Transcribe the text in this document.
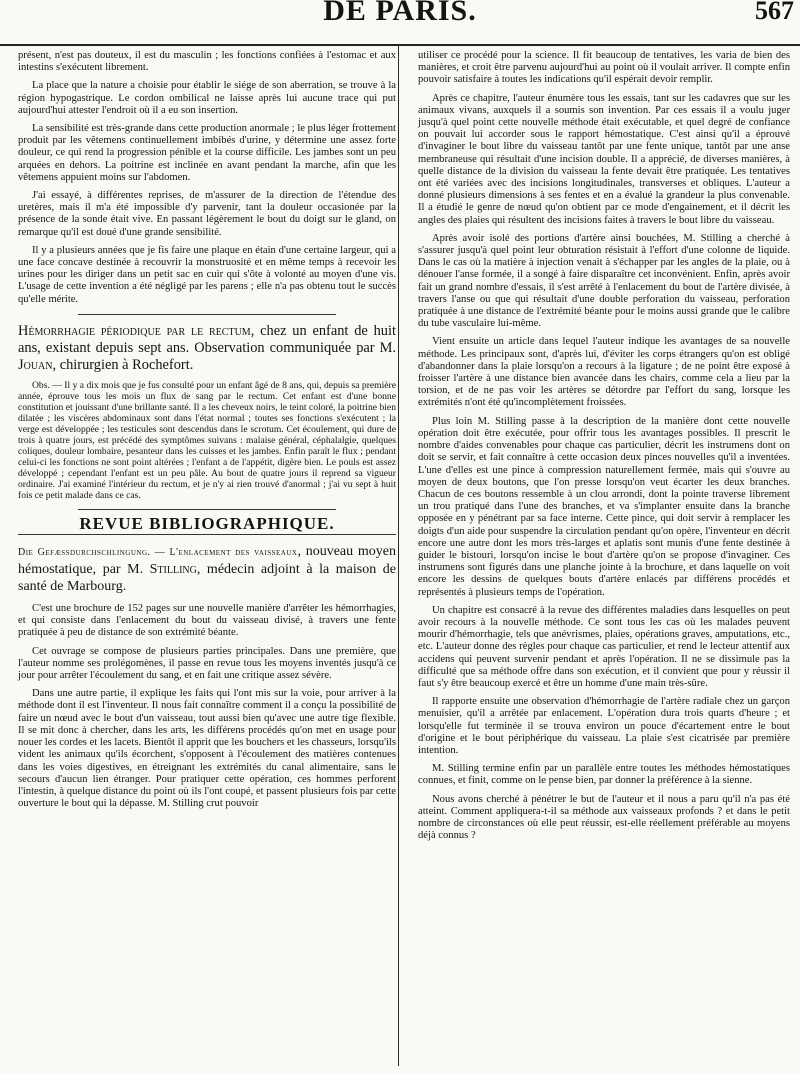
DE PARIS.	567

présent, n'est pas douteux, il est du masculin ; les fonctions confiées à l'estomac et aux intestins s'exécutent librement.

La place que la nature a choisie pour établir le siége de son aberration, se trouve à la région hypogastrique. Le cordon ombilical ne laisse après lui aucune trace qui put aujourd'hui attester l'endroit où il a eu son insertion.

La sensibilité est très-grande dans cette production anormale ; le plus léger frottement produit par les vêtemens continuellement imbibés d'urine, y détermine une assez forte douleur, ce qui rend la progression pénible et la course difficile. Les jambes sont un peu arquées en dehors. La poitrine est inclinée en avant pendant la marche, afin que les vêtemens appuient moins sur l'abdomen.

J'ai essayé, à différentes reprises, de m'assurer de la direction de l'étendue des uretères, mais il m'a été impossible d'y parvenir, tant la douleur occasionée par la présence de la sonde était vive. En passant légèrement le bout du doigt sur le gland, on remarque qu'il est doué d'une grande sensibilité.

Il y a plusieurs années que je fis faire une plaque en étain d'une certaine largeur, qui a une face concave destinée à recouvrir la monstruosité et en même temps à recevoir les urines pour les diriger dans un petit sac en cuir qui s'ôte à volonté au moyen d'une vis. L'usage de cette invention a été négligé par les parens ; elle n'a pas obtenu tout le succès qu'elle mérite.

Hémorrhagie périodique par le rectum, chez un enfant de huit ans, existant depuis sept ans. Observation communiquée par M. Jouan, chirurgien à Rochefort.

Obs. — Il y a dix mois que je fus consulté pour un enfant âgé de 8 ans, qui, depuis sa première année, éprouve tous les mois un flux de sang par le rectum. Cet enfant est d'une bonne constitution et jouissant d'une brillante santé. Il a les cheveux noirs, le teint coloré, la poitrine bien dilatée ; les viscères abdominaux sont dans l'état normal ; toutes ses fonctions s'exécutent ; la verge est développée ; les testicules sont descendus dans le scrotum. Cet écoulement, qui dure de trois à quatre jours, est précédé des symptômes suivans : malaise général, céphalalgie, quelques coliques, douleur lombaire, pesanteur dans les cuisses et les jambes. Enfin paraît le flux ; pendant celui-ci les fonctions ne sont point altérées ; l'enfant a de l'appétit, digère bien. Le pouls est assez développé ; cependant l'enfant est un peu pâle. Au bout de quatre jours il reprend sa vigueur ordinaire. J'ai examiné l'intérieur du rectum, et je n'y ai rien trouvé d'anormal ; j'ai vu sept à huit fois ce petit malade dans ce cas.

REVUE BIBLIOGRAPHIQUE.

Die Gefæssdurchschlingung. — L'enlacement des vaisseaux, nouveau moyen hémostatique, par M. Stilling, médecin adjoint à la maison de santé de Marbourg.

C'est une brochure de 152 pages sur une nouvelle manière d'arrêter les hémorrhagies, et qui consiste dans l'enlacement du bout du vaisseau divisé, à travers une fente pratiquée à peu de distance de son extrémité béante.

Cet ouvrage se compose de plusieurs parties principales. Dans une première, que l'auteur nomme ses prolégomènes, il passe en revue tous les moyens inventés jusqu'à ce jour pour arrêter l'écoulement du sang, et en fait une critique assez sévère.

Dans une autre partie, il explique les faits qui l'ont mis sur la voie, pour arriver à la méthode dont il est l'inventeur. Il nous fait connaître comment il a conçu la possibilité de faire un nœud avec le bout d'un vaisseau, tout aussi bien qu'avec une autre tige flexible. Il se mit donc à chercher, dans les arts, les différens procédés qu'on met en usage pour nouer les cordes et les lacets. Bientôt il apprit que les bouchers et les chasseurs, lorsqu'ils vident les animaux qu'ils écorchent, s'opposent à l'écoulement des matières contenues dans les voies digestives, en étreignant les extrémités du canal alimentaire, sans le secours d'aucun lien étranger. Pour pratiquer cette opération, ces hommes perforent l'intestin, à quelque distance du point où ils l'ont coupé, et passent plusieurs fois par cette ouverture le bout qui la dépasse. M. Stilling crut pouvoir

utiliser ce procédé pour la science. Il fit beaucoup de tentatives, les varia de bien des manières, et croit être parvenu aujourd'hui au point où il voulait arriver. Il compte enfin pouvoir satisfaire à toutes les indications qu'il espérait devoir remplir.

Après ce chapitre, l'auteur énumère tous les essais, tant sur les cadavres que sur les animaux vivans, auxquels il a soumis son invention. Par ces essais il a voulu juger jusqu'à quel point cette nouvelle méthode était exécutable, et quel degré de confiance on pouvait lui accorder sous le rapport hémostatique. C'est ainsi qu'il a éprouvé d'invaginer le bout libre du vaisseau tantôt par une fente unique, tantôt par une anse membraneuse qui résultait d'une incision double. Il a apprécié, de diverses manières, à quelle distance de la division du vaisseau la fente devait être pratiquée. Les tentatives ont été variées avec des incisions longitudinales, transverses et obliques. L'auteur a donné plusieurs dimensions à ses fentes et en a évalué la grandeur la plus convenable. Il a étudié le genre de nœud qu'on obtient par ce mode d'engainement, et il décrit les angles des plaies qui résultent des incisions faites à travers le bout libre du vaisseau.

Après avoir isolé des portions d'artère ainsi bouchées, M. Stilling a cherché à s'assurer jusqu'à quel point leur obturation résistait à l'effort d'une colonne de liquide. Dans le cas où la matière à injection venait à s'échapper par les angles de la plaie, ou à dénouer l'anse formée, il a songé à faire disparaître cet inconvénient. Enfin, après avoir fait un grand nombre d'essais, il s'est arrêté à l'enlacement du bout de l'artère divisée, à travers l'anse ou que qui résultait d'une double perforation du vaisseau, perforation pratiquée à une distance de l'extrémité béante pour le moins aussi grande que le calibre du tube vasculaire lui-même.

Vient ensuite un article dans lequel l'auteur indique les avantages de sa nouvelle méthode. Les principaux sont, d'après lui, d'éviter les corps étrangers qu'on est obligé d'abandonner dans la plaie lorsqu'on a recours à la ligature ; de ne point être exposé à froisser l'artère à une distance bien avancée dans les chairs, comme cela a lieu par la torsion, et de ne pas voir les artères se détordre par l'effort du sang, lorsque les extrémités n'ont été qu'incomplètement froissées.

Plus loin M. Stilling passe à la description de la manière dont cette nouvelle opération doit être exécutée, pour offrir tous les avantages possibles. Il prescrit le nombre d'aides convenables pour chaque cas particulier, décrit les instrumens dont on doit se servir, et fait connaître à cette occasion deux pinces nouvelles qu'il a inventées. L'une d'elles est une pince à compression naturellement fermée, mais qui s'ouvre au moyen de deux boutons, que l'on presse lorsqu'on veut écarter les deux branches. Chacun de ces boutons ressemble à un clou arrondi, dont la pointe traverse librement un trou pratiqué dans l'une des branches, et va s'implanter ensuite dans la branche opposée en y pénétrant par sa face interne. Cette pince, qui doit servir à remplacer les doigts d'un aide pour suspendre la circulation pendant qu'on opère, l'inventeur en décrit encore une autre dont les mors très-larges et aplatis sont munis d'une fente destinée à guider le bistouri, lorsqu'on incise le bout d'artère qu'on se propose d'invaginer. Ces instrumens sont figurés dans une planche jointe à la brochure, et dans laquelle on voit encore les dessins de quelques bouts d'artère enlacés par différens procédés et représentés à plusieurs temps de l'opération.

Un chapitre est consacré à la revue des différentes maladies dans lesquelles on peut avoir recours à la nouvelle méthode. Ce sont tous les cas où les malades peuvent mourir d'hémorrhagie, tels que anévrismes, plaies, opérations graves, amputations, etc., etc. L'auteur donne des règles pour chaque cas particulier, et rend le lecteur attentif aux accidens qui peuvent survenir pendant et après l'opération. Il ne se dissimule pas la difficulté que sa méthode offre dans son exécution, et il convient que pour y réussir il faut s'y être beaucoup exercé et être un homme d'une main très-sûre.

Il rapporte ensuite une observation d'hémorrhagie de l'artère radiale chez un garçon menuisier, qu'il a arrêtée par enlacement. L'opération dura trois quarts d'heure ; et lorsqu'elle fut terminée il se trouva environ un pouce d'écartement entre le bout d'origine et le bout périphérique du vaisseau. La plaie s'est cicatrisée par première intention.

M. Stilling termine enfin par un parallèle entre toutes les méthodes hémostatiques connues, et finit, comme on le pense bien, par donner la préférence à la sienne.

Nous avons cherché à pénétrer le but de l'auteur et il nous a paru qu'il n'a pas été atteint. Comment appliquera-t-il sa méthode aux vaisseaux profonds ? et dans le petit nombre de circonstances où elle peut réussir, est-elle réellement préférable au moyens déjà connus ?
